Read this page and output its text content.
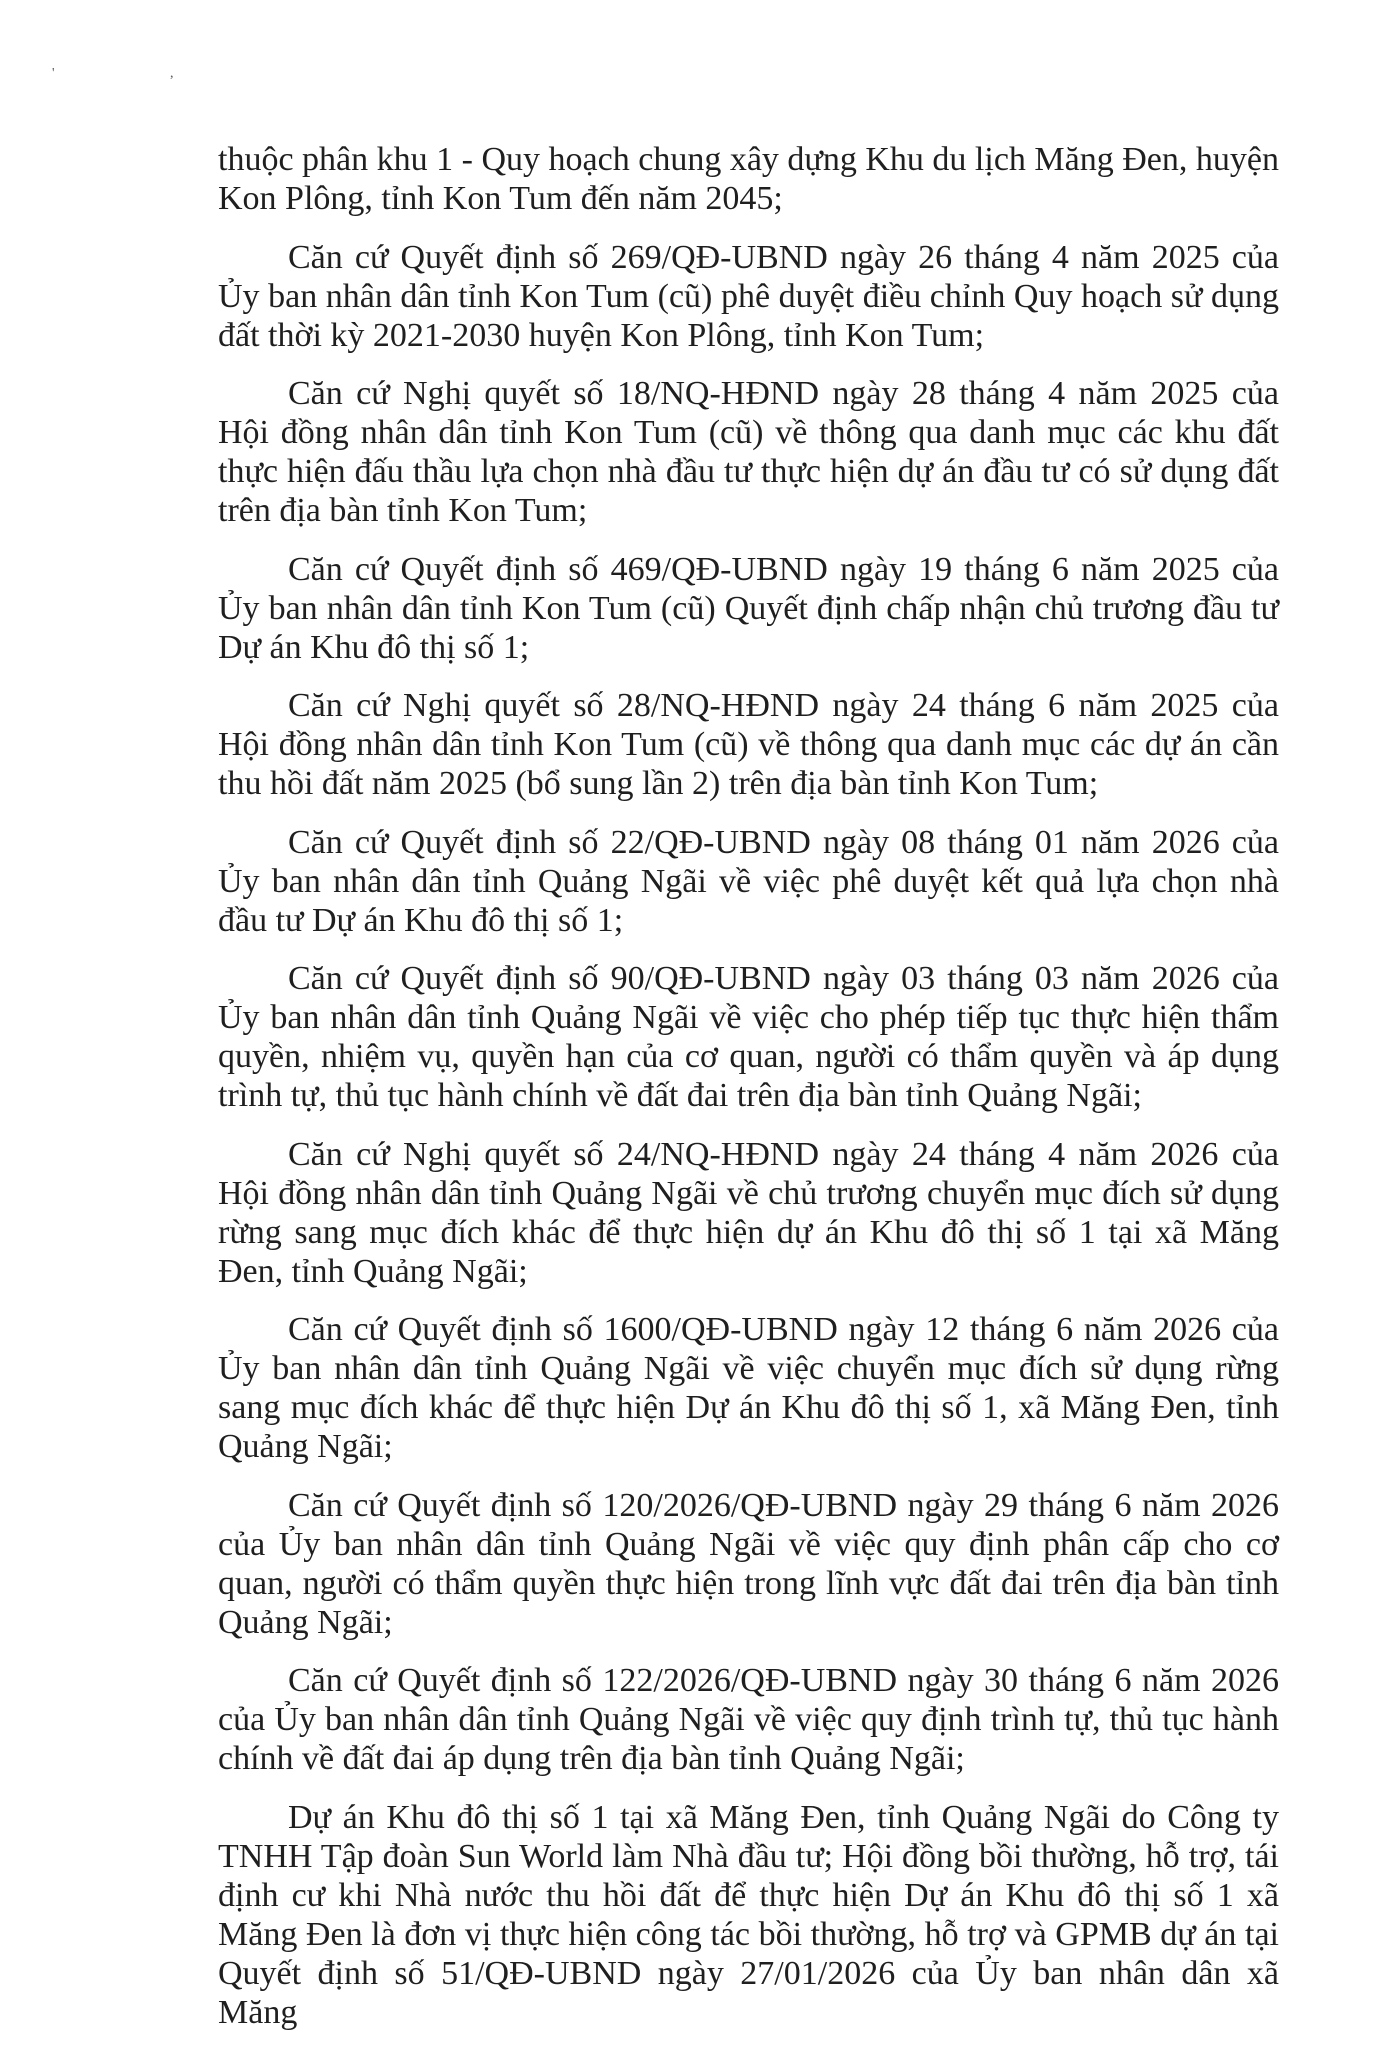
' ,

thuộc phân khu 1 - Quy hoạch chung xây dựng Khu du lịch Măng Đen, huyện Kon Plông, tỉnh Kon Tum đến năm 2045;

Căn cứ Quyết định số 269/QĐ-UBND ngày 26 tháng 4 năm 2025 của Ủy ban nhân dân tỉnh Kon Tum (cũ) phê duyệt điều chỉnh Quy hoạch sử dụng đất thời kỳ 2021-2030 huyện Kon Plông, tỉnh Kon Tum;

Căn cứ Nghị quyết số 18/NQ-HĐND ngày 28 tháng 4 năm 2025 của Hội đồng nhân dân tỉnh Kon Tum (cũ) về thông qua danh mục các khu đất thực hiện đấu thầu lựa chọn nhà đầu tư thực hiện dự án đầu tư có sử dụng đất trên địa bàn tỉnh Kon Tum;

Căn cứ Quyết định số 469/QĐ-UBND ngày 19 tháng 6 năm 2025 của Ủy ban nhân dân tỉnh Kon Tum (cũ) Quyết định chấp nhận chủ trương đầu tư Dự án Khu đô thị số 1;

Căn cứ Nghị quyết số 28/NQ-HĐND ngày 24 tháng 6 năm 2025 của Hội đồng nhân dân tỉnh Kon Tum (cũ) về thông qua danh mục các dự án cần thu hồi đất năm 2025 (bổ sung lần 2) trên địa bàn tỉnh Kon Tum;

Căn cứ Quyết định số 22/QĐ-UBND ngày 08 tháng 01 năm 2026 của Ủy ban nhân dân tỉnh Quảng Ngãi về việc phê duyệt kết quả lựa chọn nhà đầu tư Dự án Khu đô thị số 1;

Căn cứ Quyết định số 90/QĐ-UBND ngày 03 tháng 03 năm 2026 của Ủy ban nhân dân tỉnh Quảng Ngãi về việc cho phép tiếp tục thực hiện thẩm quyền, nhiệm vụ, quyền hạn của cơ quan, người có thẩm quyền và áp dụng trình tự, thủ tục hành chính về đất đai trên địa bàn tỉnh Quảng Ngãi;

Căn cứ Nghị quyết số 24/NQ-HĐND ngày 24 tháng 4 năm 2026 của Hội đồng nhân dân tỉnh Quảng Ngãi về chủ trương chuyển mục đích sử dụng rừng sang mục đích khác để thực hiện dự án Khu đô thị số 1 tại xã Măng Đen, tỉnh Quảng Ngãi;

Căn cứ Quyết định số 1600/QĐ-UBND ngày 12 tháng 6 năm 2026 của Ủy ban nhân dân tỉnh Quảng Ngãi về việc chuyển mục đích sử dụng rừng sang mục đích khác để thực hiện Dự án Khu đô thị số 1, xã Măng Đen, tỉnh Quảng Ngãi;

Căn cứ Quyết định số 120/2026/QĐ-UBND ngày 29 tháng 6 năm 2026 của Ủy ban nhân dân tỉnh Quảng Ngãi về việc quy định phân cấp cho cơ quan, người có thẩm quyền thực hiện trong lĩnh vực đất đai trên địa bàn tỉnh Quảng Ngãi;

Căn cứ Quyết định số 122/2026/QĐ-UBND ngày 30 tháng 6 năm 2026 của Ủy ban nhân dân tỉnh Quảng Ngãi về việc quy định trình tự, thủ tục hành chính về đất đai áp dụng trên địa bàn tỉnh Quảng Ngãi;

Dự án Khu đô thị số 1 tại xã Măng Đen, tỉnh Quảng Ngãi do Công ty TNHH Tập đoàn Sun World làm Nhà đầu tư; Hội đồng bồi thường, hỗ trợ, tái định cư khi Nhà nước thu hồi đất để thực hiện Dự án Khu đô thị số 1 xã Măng Đen là đơn vị thực hiện công tác bồi thường, hỗ trợ và GPMB dự án tại Quyết định số 51/QĐ-UBND ngày 27/01/2026 của Ủy ban nhân dân xã Măng
